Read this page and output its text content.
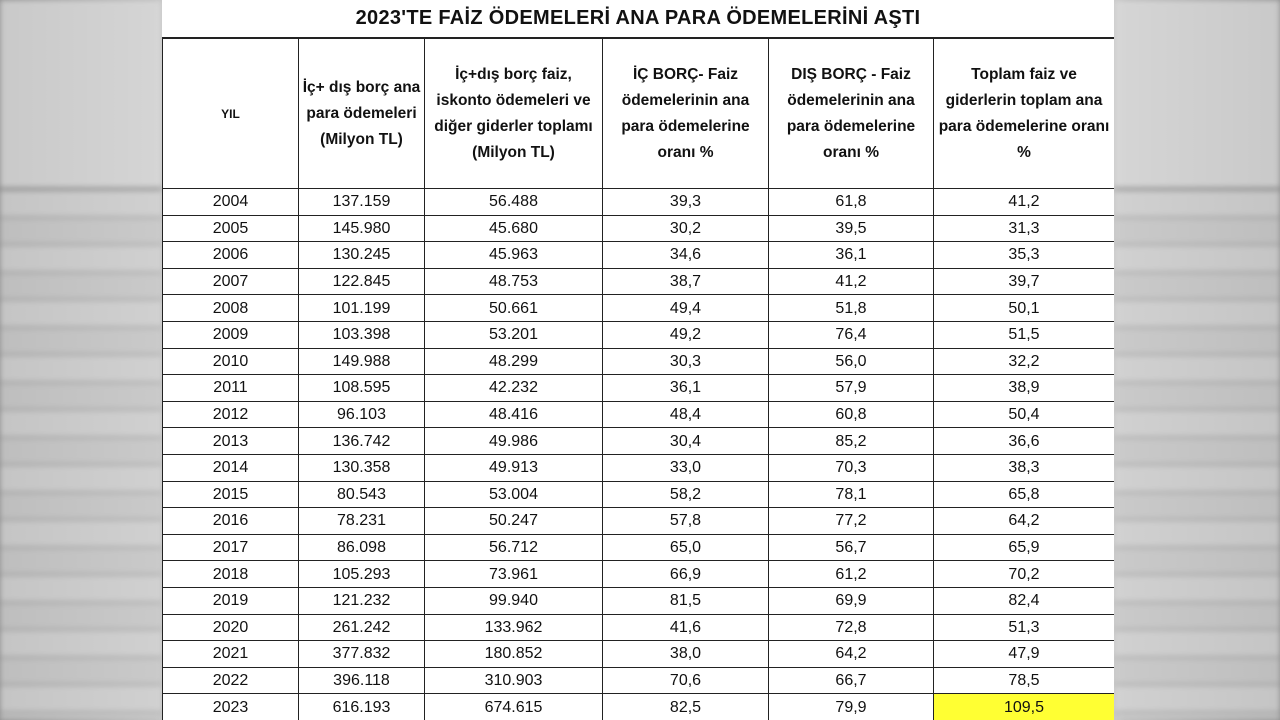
2023'TE FAİZ ÖDEMELERİ ANA PARA ÖDEMELERİNİ AŞTI
YIL	İç+ dış borç ana para ödemeleri (Milyon TL)	İç+dış borç faiz, iskonto ödemeleri ve diğer giderler toplamı (Milyon TL)	İÇ BORÇ- Faiz ödemelerinin ana para ödemelerine oranı %	DIŞ BORÇ - Faiz ödemelerinin ana para ödemelerine oranı %	Toplam faiz ve giderlerin toplam ana para ödemelerine oranı %
2004	137.159	56.488	39,3	61,8	41,2
2005	145.980	45.680	30,2	39,5	31,3
2006	130.245	45.963	34,6	36,1	35,3
2007	122.845	48.753	38,7	41,2	39,7
2008	101.199	50.661	49,4	51,8	50,1
2009	103.398	53.201	49,2	76,4	51,5
2010	149.988	48.299	30,3	56,0	32,2
2011	108.595	42.232	36,1	57,9	38,9
2012	96.103	48.416	48,4	60,8	50,4
2013	136.742	49.986	30,4	85,2	36,6
2014	130.358	49.913	33,0	70,3	38,3
2015	80.543	53.004	58,2	78,1	65,8
2016	78.231	50.247	57,8	77,2	64,2
2017	86.098	56.712	65,0	56,7	65,9
2018	105.293	73.961	66,9	61,2	70,2
2019	121.232	99.940	81,5	69,9	82,4
2020	261.242	133.962	41,6	72,8	51,3
2021	377.832	180.852	38,0	64,2	47,9
2022	396.118	310.903	70,6	66,7	78,5
2023	616.193	674.615	82,5	79,9	109,5
